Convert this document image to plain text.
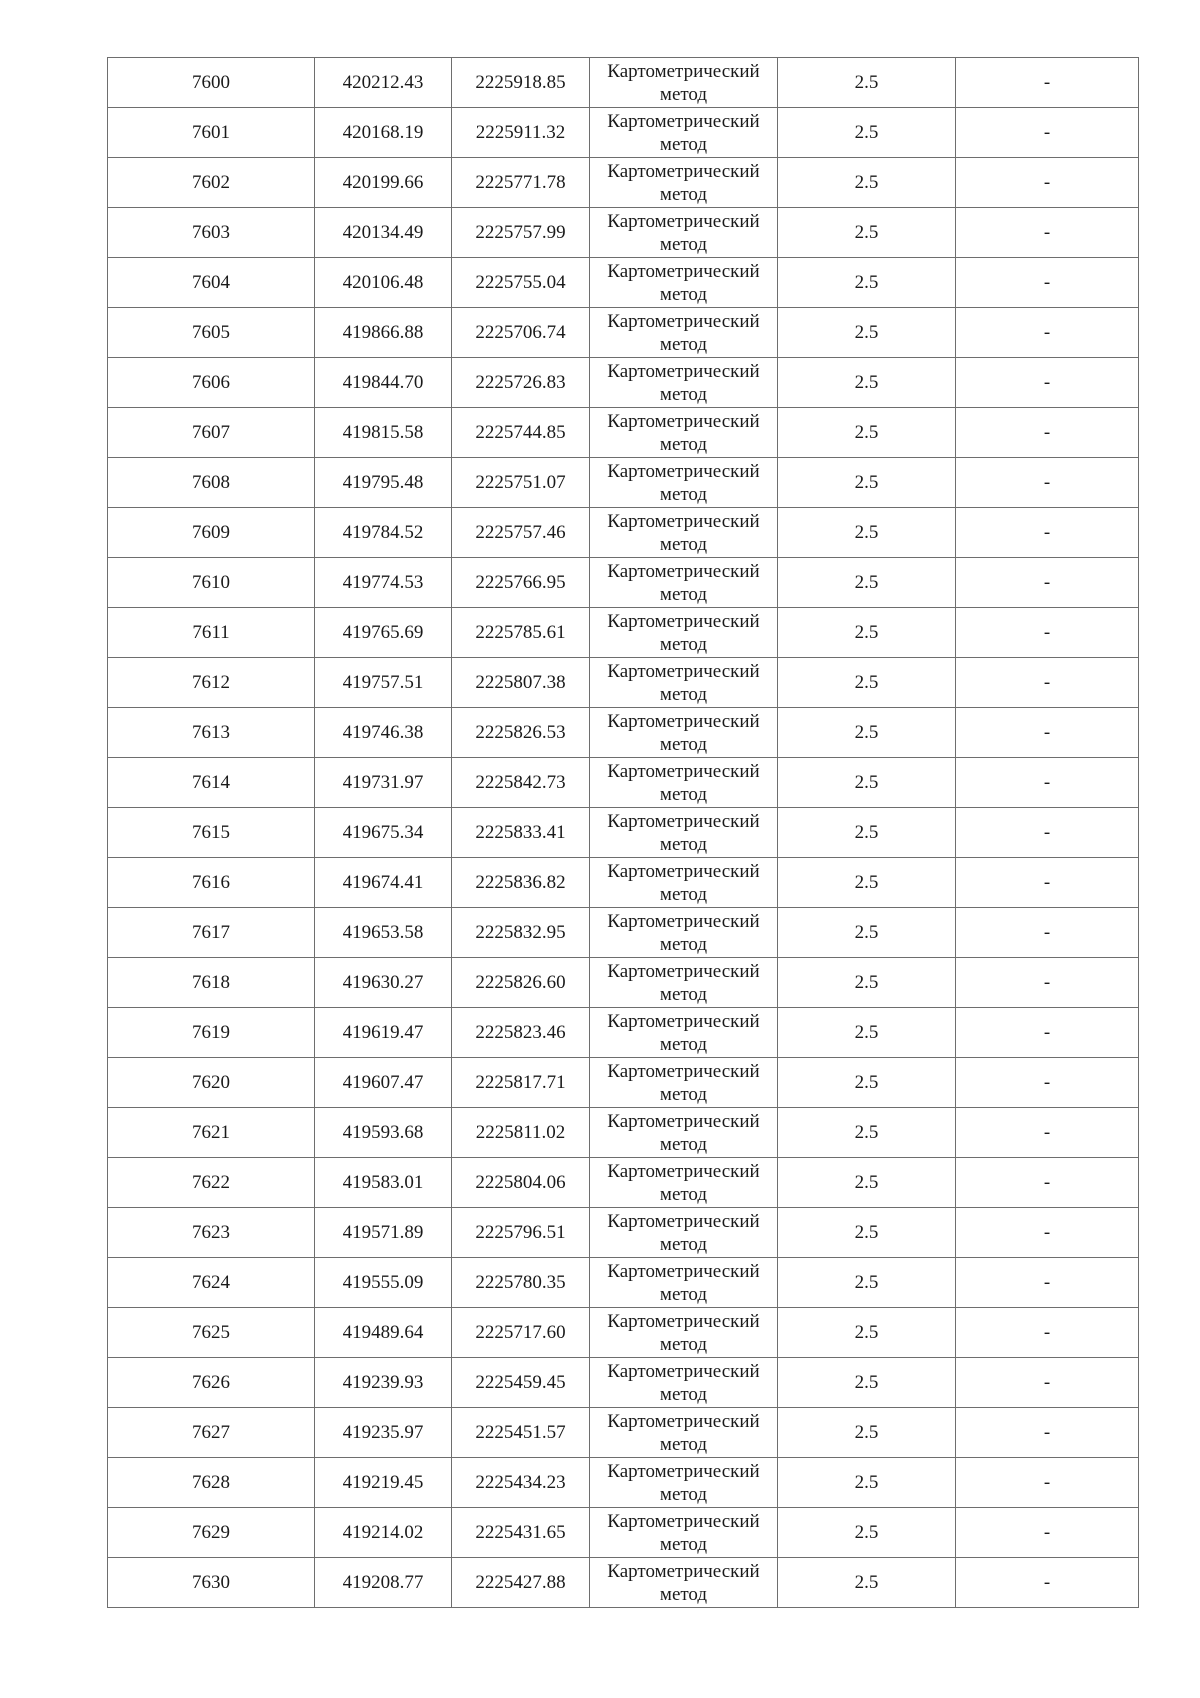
7600	420212.43	2225918.85	Картометрический метод	2.5	-
7601	420168.19	2225911.32	Картометрический метод	2.5	-
7602	420199.66	2225771.78	Картометрический метод	2.5	-
7603	420134.49	2225757.99	Картометрический метод	2.5	-
7604	420106.48	2225755.04	Картометрический метод	2.5	-
7605	419866.88	2225706.74	Картометрический метод	2.5	-
7606	419844.70	2225726.83	Картометрический метод	2.5	-
7607	419815.58	2225744.85	Картометрический метод	2.5	-
7608	419795.48	2225751.07	Картометрический метод	2.5	-
7609	419784.52	2225757.46	Картометрический метод	2.5	-
7610	419774.53	2225766.95	Картометрический метод	2.5	-
7611	419765.69	2225785.61	Картометрический метод	2.5	-
7612	419757.51	2225807.38	Картометрический метод	2.5	-
7613	419746.38	2225826.53	Картометрический метод	2.5	-
7614	419731.97	2225842.73	Картометрический метод	2.5	-
7615	419675.34	2225833.41	Картометрический метод	2.5	-
7616	419674.41	2225836.82	Картометрический метод	2.5	-
7617	419653.58	2225832.95	Картометрический метод	2.5	-
7618	419630.27	2225826.60	Картометрический метод	2.5	-
7619	419619.47	2225823.46	Картометрический метод	2.5	-
7620	419607.47	2225817.71	Картометрический метод	2.5	-
7621	419593.68	2225811.02	Картометрический метод	2.5	-
7622	419583.01	2225804.06	Картометрический метод	2.5	-
7623	419571.89	2225796.51	Картометрический метод	2.5	-
7624	419555.09	2225780.35	Картометрический метод	2.5	-
7625	419489.64	2225717.60	Картометрический метод	2.5	-
7626	419239.93	2225459.45	Картометрический метод	2.5	-
7627	419235.97	2225451.57	Картометрический метод	2.5	-
7628	419219.45	2225434.23	Картометрический метод	2.5	-
7629	419214.02	2225431.65	Картометрический метод	2.5	-
7630	419208.77	2225427.88	Картометрический метод	2.5	-
